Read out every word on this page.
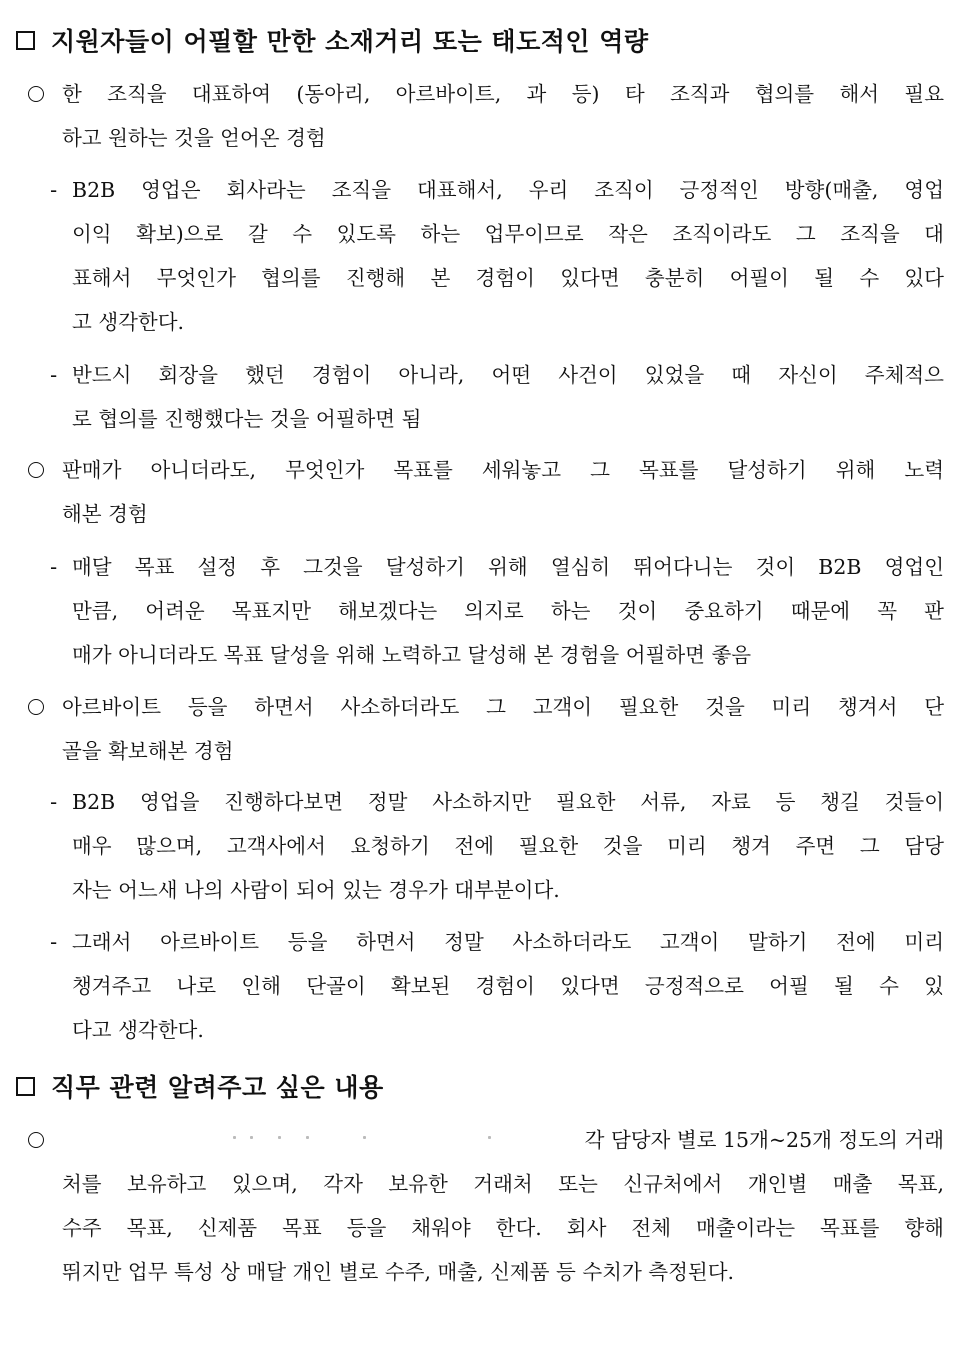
지원자들이 어필할 만한 소재거리 또는 태도적인 역량
한 조직을 대표하여 (동아리, 아르바이트, 과 등) 타 조직과 협의를 해서 필요
하고 원하는 것을 얻어온 경험
- B2B 영업은 회사라는 조직을 대표해서, 우리 조직이 긍정적인 방향(매출, 영업
이익 확보)으로 갈 수 있도록 하는 업무이므로 작은 조직이라도 그 조직을 대
표해서 무엇인가 협의를 진행해 본 경험이 있다면 충분히 어필이 될 수 있다
고 생각한다.
- 반드시 회장을 했던 경험이 아니라, 어떤 사건이 있었을 때 자신이 주체적으
로 협의를 진행했다는 것을 어필하면 됨
판매가 아니더라도, 무엇인가 목표를 세워놓고 그 목표를 달성하기 위해 노력
해본 경험
- 매달 목표 설정 후 그것을 달성하기 위해 열심히 뛰어다니는 것이 B2B 영업인
만큼, 어려운 목표지만 해보겠다는 의지로 하는 것이 중요하기 때문에 꼭 판
매가 아니더라도 목표 달성을 위해 노력하고 달성해 본 경험을 어필하면 좋음
아르바이트 등을 하면서 사소하더라도 그 고객이 필요한 것을 미리 챙겨서 단
골을 확보해본 경험
- B2B 영업을 진행하다보면 정말 사소하지만 필요한 서류, 자료 등 챙길 것들이
매우 많으며, 고객사에서 요청하기 전에 필요한 것을 미리 챙겨 주면 그 담당
자는 어느새 나의 사람이 되어 있는 경우가 대부분이다.
- 그래서 아르바이트 등을 하면서 정말 사소하더라도 고객이 말하기 전에 미리
챙겨주고 나로 인해 단골이 확보된 경험이 있다면 긍정적으로 어필 될 수 있
다고 생각한다.
직무 관련 알려주고 싶은 내용
각 담당자 별로 15개~25개 정도의 거래
처를 보유하고 있으며, 각자 보유한 거래처 또는 신규처에서 개인별 매출 목표,
수주 목표, 신제품 목표 등을 채워야 한다. 회사 전체 매출이라는 목표를 향해
뛰지만 업무 특성 상 매달 개인 별로 수주, 매출, 신제품 등 수치가 측정된다.
